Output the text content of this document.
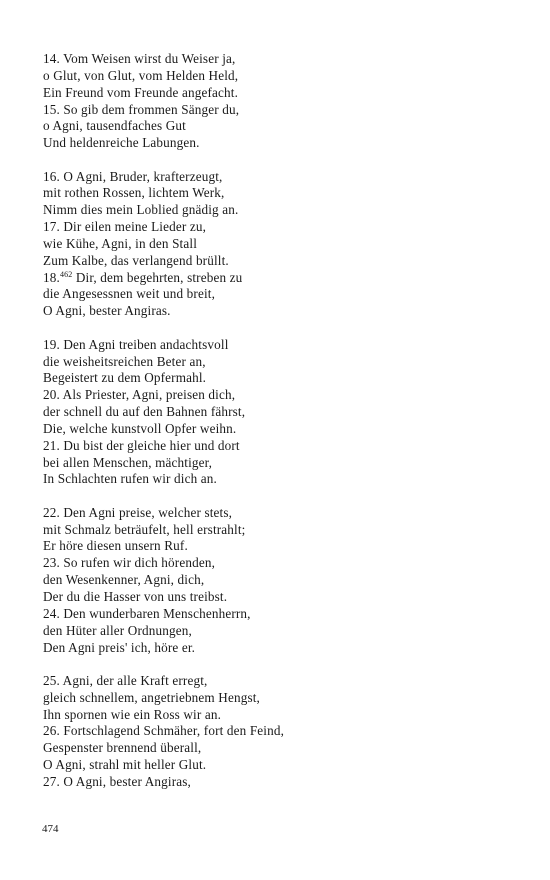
14. Vom Weisen wirst du Weiser ja,
o Glut, von Glut, vom Helden Held,
Ein Freund vom Freunde angefacht.
15. So gib dem frommen Sänger du,
o Agni, tausendfaches Gut
Und heldenreiche Labungen.
16. O Agni, Bruder, krafterzeugt,
mit rothen Rossen, lichtem Werk,
Nimm dies mein Loblied gnädig an.
17. Dir eilen meine Lieder zu,
wie Kühe, Agni, in den Stall
Zum Kalbe, das verlangend brüllt.
18.$^{462}$ Dir, dem begehrten, streben zu
die Angesessnen weit und breit,
O Agni, bester Angiras.
19. Den Agni treiben andachtsvoll
die weisheitsreichen Beter an,
Begeistert zu dem Opfermahl.
20. Als Priester, Agni, preisen dich,
der schnell du auf den Bahnen fährst,
Die, welche kunstvoll Opfer weihn.
21. Du bist der gleiche hier und dort
bei allen Menschen, mächtiger,
In Schlachten rufen wir dich an.
22. Den Agni preise, welcher stets,
mit Schmalz beträufelt, hell erstrahlt;
Er höre diesen unsern Ruf.
23. So rufen wir dich hörenden,
den Wesenkenner, Agni, dich,
Der du die Hasser von uns treibst.
24. Den wunderbaren Menschenherrn,
den Hüter aller Ordnungen,
Den Agni preis' ich, höre er.
25. Agni, der alle Kraft erregt,
gleich schnellem, angetriebnem Hengst,
Ihn spornen wie ein Ross wir an.
26. Fortschlagend Schmäher, fort den Feind,
Gespenster brennend überall,
O Agni, strahl mit heller Glut.
27. O Agni, bester Angiras,
474
